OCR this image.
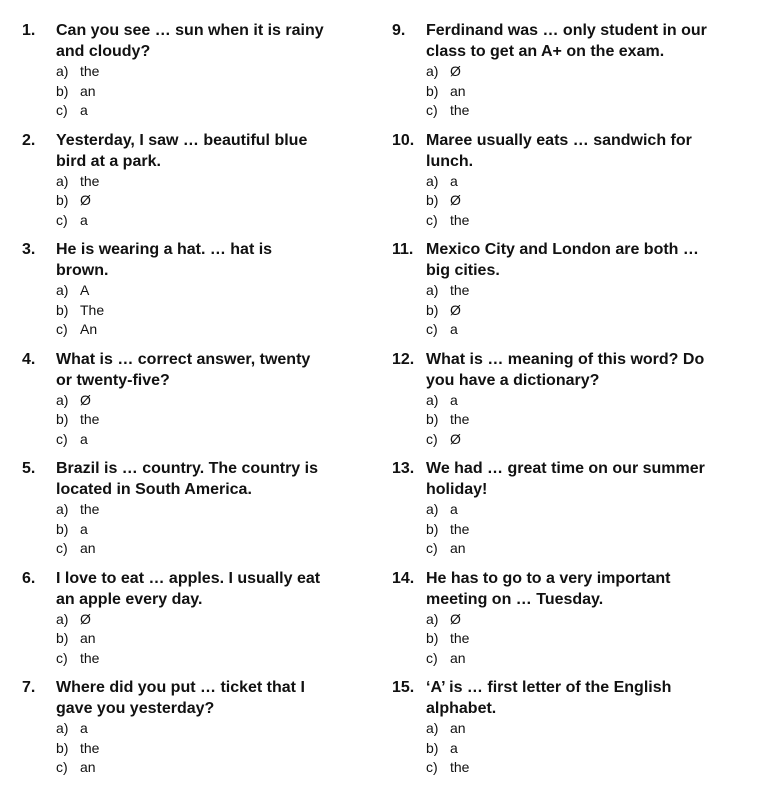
1. Can you see … sun when it is rainy
and cloudy?
a) the
b) an
c) a
2. Yesterday, I saw … beautiful blue
bird at a park.
a) the
b) Ø
c) a
3. He is wearing a hat. … hat is
brown.
a) A
b) The
c) An
4. What is … correct answer, twenty
or twenty-five?
a) Ø
b) the
c) a
5. Brazil is … country. The country is
located in South America.
a) the
b) a
c) an
6. I love to eat … apples. I usually eat
an apple every day.
a) Ø
b) an
c) the
7. Where did you put … ticket that I
gave you yesterday?
a) a
b) the
c) an
9. Ferdinand was … only student in our
class to get an A+ on the exam.
a) Ø
b) an
c) the
10. Maree usually eats … sandwich for
lunch.
a) a
b) Ø
c) the
11. Mexico City and London are both …
big cities.
a) the
b) Ø
c) a
12. What is … meaning of this word? Do
you have a dictionary?
a) a
b) the
c) Ø
13. We had … great time on our summer
holiday!
a) a
b) the
c) an
14. He has to go to a very important
meeting on … Tuesday.
a) Ø
b) the
c) an
15. ‘A’ is … first letter of the English
alphabet.
a) an
b) a
c) the
